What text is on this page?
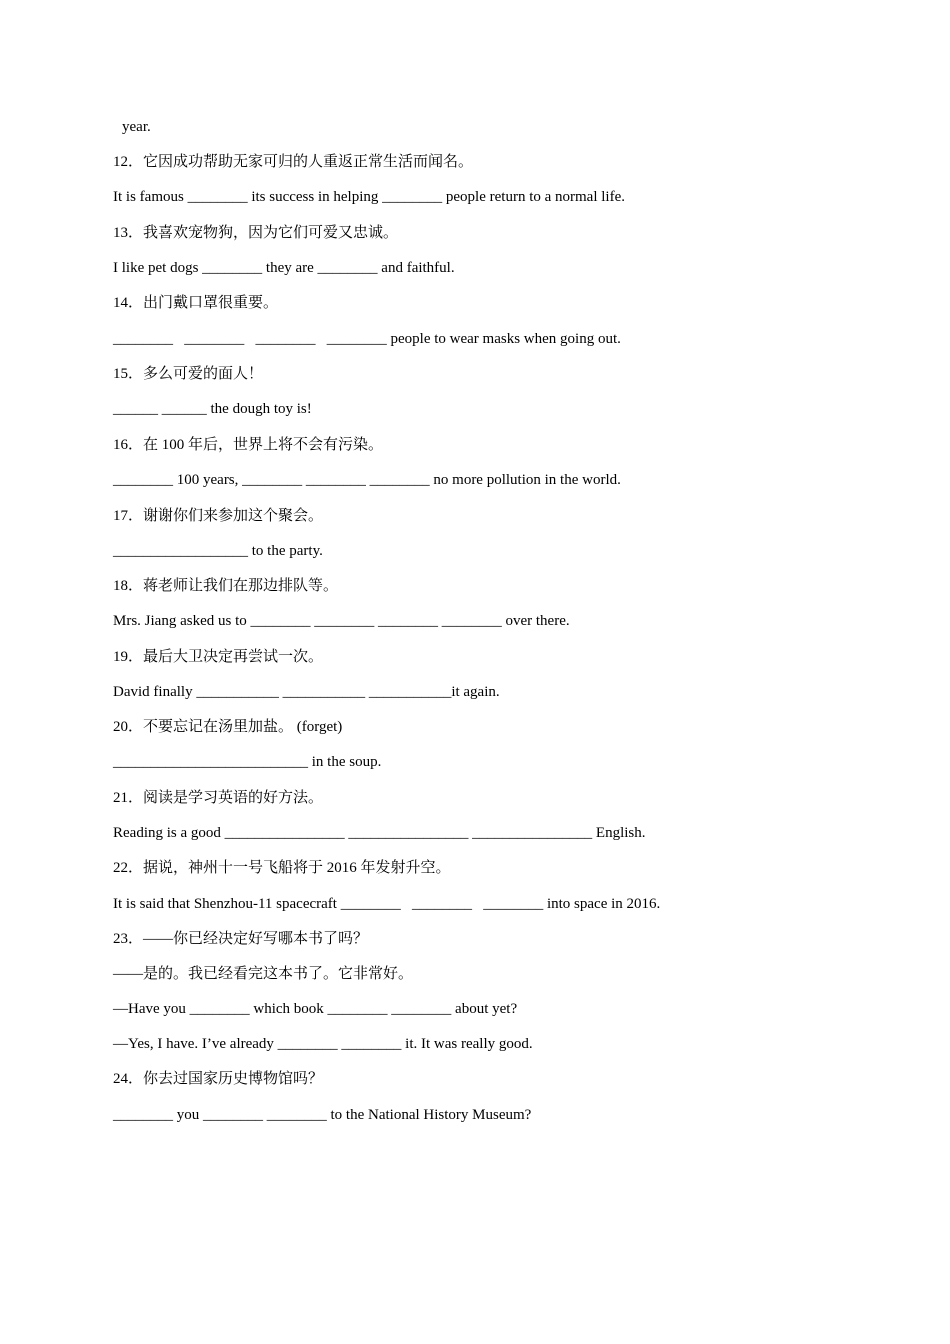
year.
12．它因成功帮助无家可归的人重返正常生活而闻名。
It is famous ________ its success in helping ________ people return to a normal life.
13．我喜欢宠物狗，因为它们可爱又忠诚。
I like pet dogs ________ they are ________ and faithful.
14．出门戴口罩很重要。
________   ________   ________   ________ people to wear masks when going out.
15．多么可爱的面人！
______ ______ the dough toy is!
16．在 100 年后，世界上将不会有污染。
________ 100 years, ________ ________ ________ no more pollution in the world.
17．谢谢你们来参加这个聚会。
__________________ to the party.
18．蒋老师让我们在那边排队等。
Mrs. Jiang asked us to ________ ________ ________ ________ over there.
19．最后大卫决定再尝试一次。
David finally ___________ ___________ ___________it again.
20．不要忘记在汤里加盐。 (forget)
__________________________ in the soup.
21．阅读是学习英语的好方法。
Reading is a good ________________ ________________ ________________ English.
22．据说，神州十一号飞船将于 2016 年发射升空。
It is said that Shenzhou-11 spacecraft ________   ________   ________ into space in 2016.
23．——你已经决定好写哪本书了吗？
——是的。我已经看完这本书了。它非常好。
—Have you ________ which book ________ ________ about yet?
—Yes, I have. I’ve already ________ ________ it. It was really good.
24．你去过国家历史博物馆吗？
________ you ________ ________ to the National History Museum?
